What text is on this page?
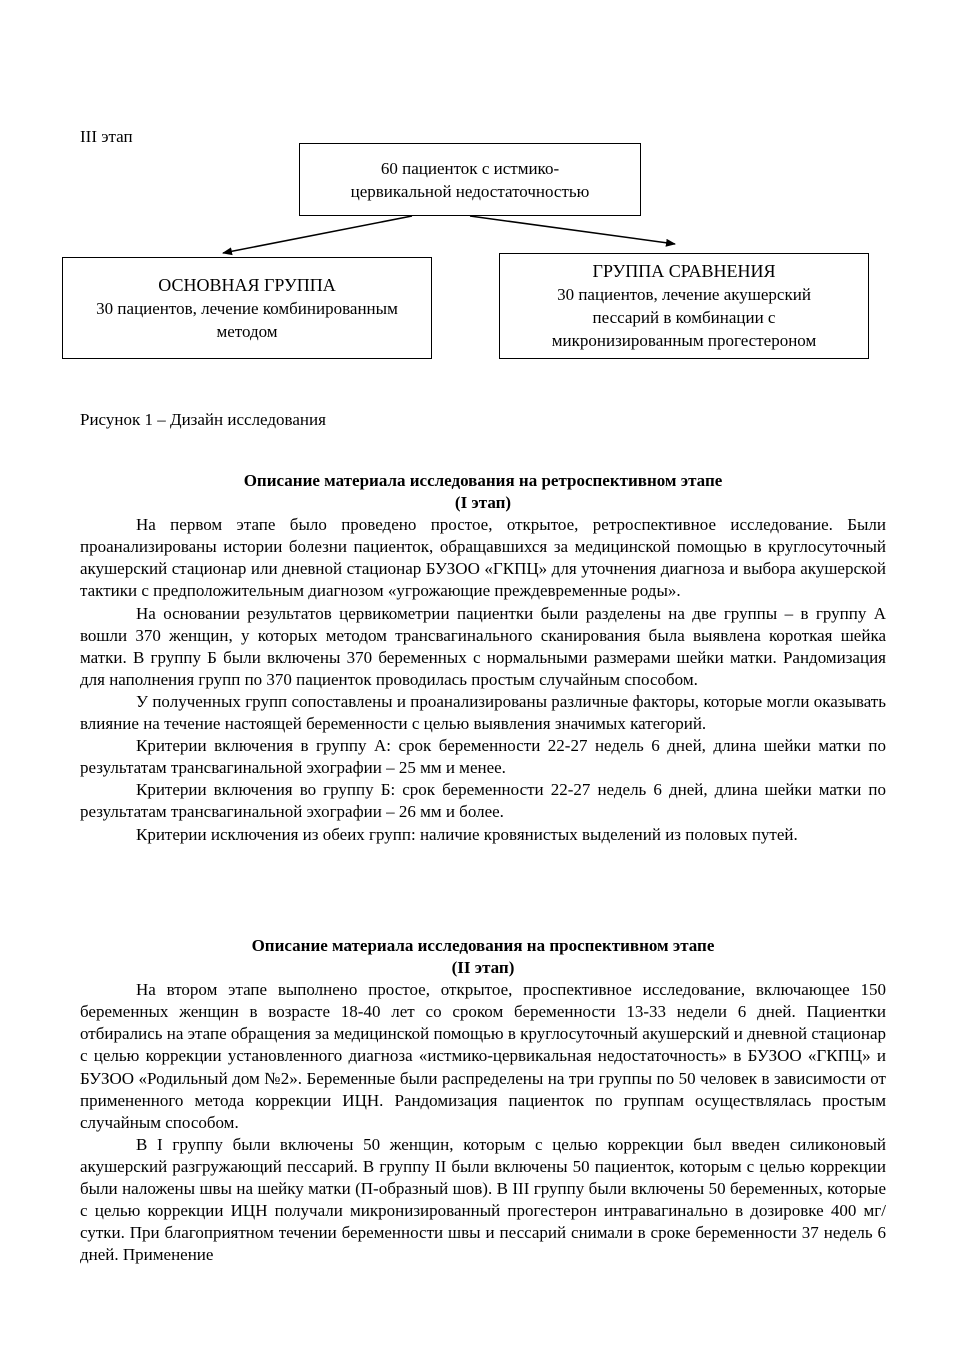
III этап
60 пациенток с истмико-
цервикальной недостаточностью
ОСНОВНАЯ ГРУППА
30 пациентов, лечение комбинированным
методом
ГРУППА СРАВНЕНИЯ
30 пациентов, лечение акушерский
пессарий в комбинации с
микронизированным прогестероном
Рисунок 1 – Дизайн исследования

Описание материала исследования на ретроспективном этапе

(I этап)

На первом этапе было проведено простое, открытое, ретроспективное исследование. Были проанализированы истории болезни пациенток, обращавшихся за медицинской помощью в круглосуточный акушерский стационар или дневной стационар БУЗОО «ГКПЦ» для уточнения диагноза и выбора акушерской тактики с предположительным диагнозом «угрожающие преждевременные роды».

На основании результатов цервикометрии пациентки были разделены на две группы – в группу А вошли 370 женщин, у которых методом трансвагинального сканирования была выявлена короткая шейка матки. В группу Б были включены 370 беременных с нормальными размерами шейки матки. Рандомизация для наполнения групп по 370 пациенток проводилась простым случайным способом.

У полученных групп сопоставлены и проанализированы различные факторы, которые могли оказывать влияние на течение настоящей беременности с целью выявления значимых категорий.

Критерии включения в группу А: срок беременности 22-27 недель 6 дней, длина шейки матки по результатам трансвагинальной эхографии – 25 мм и менее.

Критерии включения во группу Б: срок беременности 22-27 недель 6 дней, длина шейки матки по результатам трансвагинальной эхографии – 26 мм и более.

Критерии исключения из обеих групп: наличие кровянистых выделений из половых путей.

Описание материала исследования на проспективном этапе

(II этап)

На втором этапе выполнено простое, открытое, проспективное исследование, включающее 150 беременных женщин в возрасте 18-40 лет со сроком беременности 13-33 недели 6 дней. Пациентки отбирались на этапе обращения за медицинской помощью в круглосуточный акушерский и дневной стационар с целью коррекции установленного диагноза «истмико-цервикальная недостаточность» в БУЗОО «ГКПЦ» и БУЗОО «Родильный дом №2». Беременные были распределены на три группы по 50 человек в зависимости от примененного метода коррекции ИЦН. Рандомизация пациенток по группам осуществлялась простым случайным способом.

В I группу были включены 50 женщин, которым с целью коррекции был введен силиконовый акушерский разгружающий пессарий. В группу II были включены 50 пациенток, которым с целью коррекции были наложены швы на шейку матки (П-образный шов). В III группу были включены 50 беременных, которые с целью коррекции ИЦН получали микронизированный прогестерон интравагинально в дозировке 400 мг/сутки. При благоприятном течении беременности швы и пессарий снимали в сроке беременности 37 недель 6 дней. Применение
